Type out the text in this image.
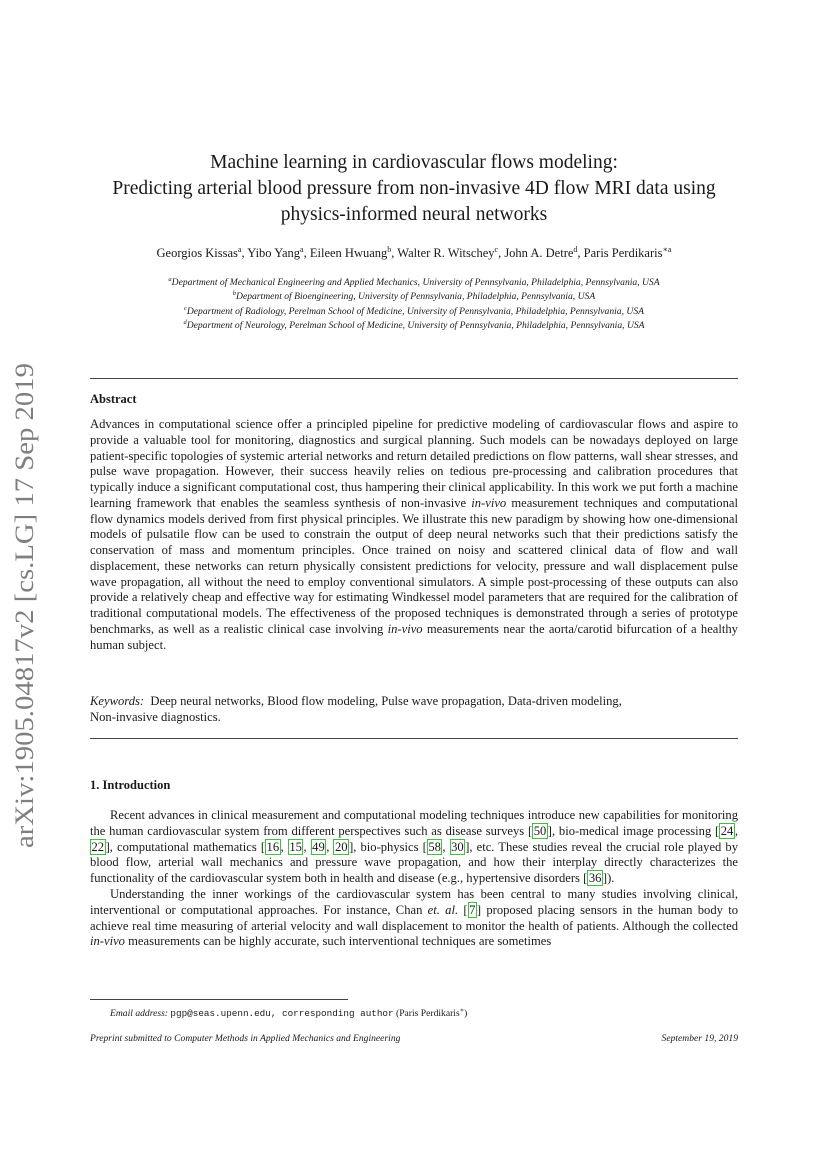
arXiv:1905.04817v2 [cs.LG] 17 Sep 2019
Machine learning in cardiovascular flows modeling:
Predicting arterial blood pressure from non-invasive 4D flow MRI data using
physics-informed neural networks
Georgios Kissas$^a$, Yibo Yang$^a$, Eileen Hwuang$^b$, Walter R. Witschey$^c$, John A. Detre$^d$, Paris Perdikaris$^{∗a}$
$^a$Department of Mechanical Engineering and Applied Mechanics, University of Pennsylvania, Philadelphia, Pennsylvania, USA
$^b$Department of Bioengineering, University of Pennsylvania, Philadelphia, Pennsylvania, USA
$^c$Department of Radiology, Perelman School of Medicine, University of Pennsylvania, Philadelphia, Pennsylvania, USA
$^d$Department of Neurology, Perelman School of Medicine, University of Pennsylvania, Philadelphia, Pennsylvania, USA
Abstract

Advances in computational science offer a principled pipeline for predictive modeling of cardiovascular flows and aspire to provide a valuable tool for monitoring, diagnostics and surgical planning. Such models can be nowadays deployed on large patient-specific topologies of systemic arterial networks and return detailed predictions on flow patterns, wall shear stresses, and pulse wave propagation. However, their success heavily relies on tedious pre-processing and calibration procedures that typically induce a significant computational cost, thus hampering their clinical applicability. In this work we put forth a machine learning framework that enables the seamless synthesis of non-invasive in-vivo measurement techniques and computational flow dynamics models derived from first physical principles. We illustrate this new paradigm by showing how one-dimensional models of pulsatile flow can be used to constrain the output of deep neural networks such that their predictions satisfy the conservation of mass and momentum principles. Once trained on noisy and scattered clinical data of flow and wall displacement, these networks can return physically consistent predictions for velocity, pressure and wall displacement pulse wave propagation, all without the need to employ conventional simulators. A simple post-processing of these outputs can also provide a relatively cheap and effective way for estimating Windkessel model parameters that are required for the calibration of traditional computational models. The effectiveness of the proposed techniques is demonstrated through a series of prototype benchmarks, as well as a realistic clinical case involving in-vivo measurements near the aorta/carotid bifurcation of a healthy human subject.

Keywords: Deep neural networks, Blood flow modeling, Pulse wave propagation, Data-driven modeling,
Non-invasive diagnostics.
1. Introduction

Recent advances in clinical measurement and computational modeling techniques introduce new capabilities for monitoring the human cardiovascular system from different perspectives such as disease surveys [ 50 ], bio-medical image processing [ 24 , 22 ], computational mathematics [ 16 , 15 , 49 , 20 ], bio-physics [ 58 , 30 ], etc. These studies reveal the crucial role played by blood flow, arterial wall mechanics and pressure wave propagation, and how their interplay directly characterizes the functionality of the cardiovascular system both in health and disease (e.g., hypertensive disorders [ 36 ]).

Understanding the inner workings of the cardiovascular system has been central to many studies involving clinical, interventional or computational approaches. For instance, Chan et. al. [ 7 ] proposed placing sensors in the human body to achieve real time measuring of arterial velocity and wall displacement to monitor the health of patients. Although the collected in-vivo measurements can be highly accurate, such interventional techniques are sometimes

Email address: pgp@seas.upenn.edu, corresponding author (Paris Perdikaris∗)
Preprint submitted to Computer Methods in Applied Mechanics and Engineering	September 19, 2019
